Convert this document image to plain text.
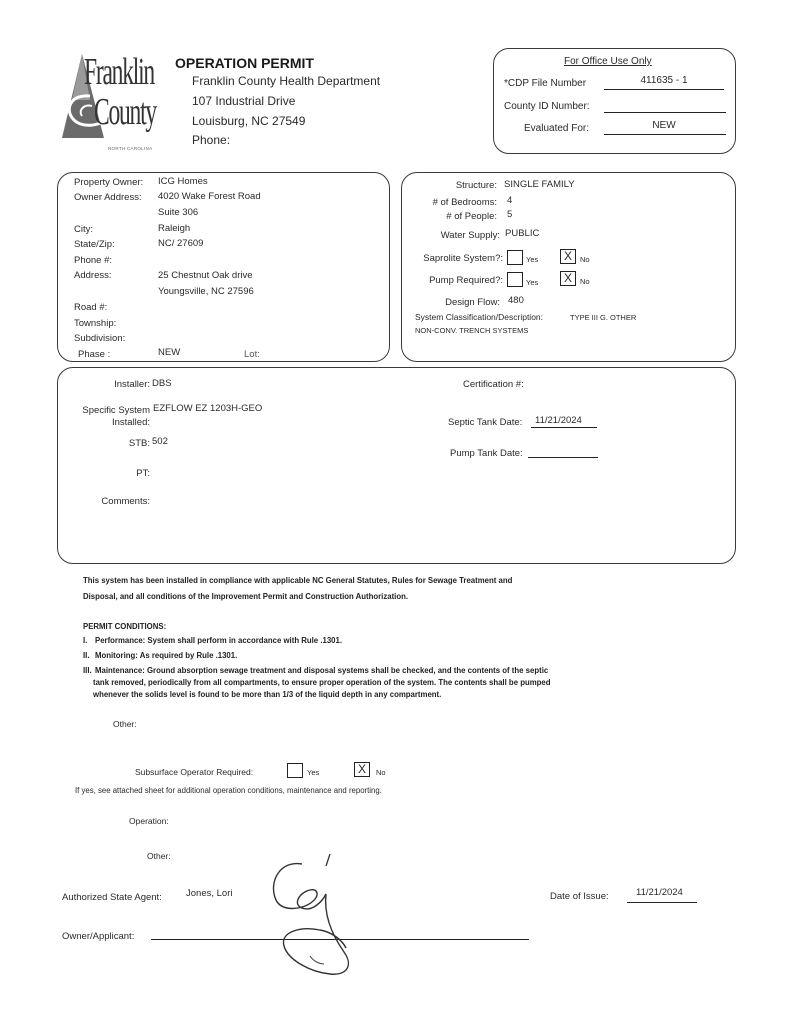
Franklin
County
NORTH CAROLINA
OPERATION PERMIT
Franklin County Health Department
107 Industrial Drive
Louisburg, NC 27549
Phone:
For Office Use Only
*CDP File Number	411635 - 1
County ID Number:
Evaluated For:	NEW
Property Owner: ICG Homes
Owner Address: 4020 Wake Forest Road
Suite 306
City:	Raleigh
State/Zip:	NC/ 27609
Phone #:
Address:	25 Chestnut Oak drive
Youngsville, NC 27596
Road #:
Township:
Subdivision:
Phase :	NEW	Lot:
Structure: SINGLE FAMILY
# of Bedrooms: 4
# of People: 5
Water Supply: PUBLIC
Saprolite System?:	Yes	X	No
Pump Required?:	Yes	X	No
Design Flow: 480
System Classification/Description:	TYPE III G. OTHER
NON-CONV. TRENCH SYSTEMS
Installer: DBS	Certification #:
Specific System
Installed:
EZFLOW EZ 1203H-GEO
Septic Tank Date: 11/21/2024
STB: 502
Pump Tank Date:
PT:
Comments:
This system has been installed in compliance with applicable NC General Statutes, Rules for Sewage Treatment and
Disposal, and all conditions of the Improvement Permit and Construction Authorization.
PERMIT CONDITIONS:
I. Performance: System shall perform in accordance with Rule .1301.
II. Monitoring: As required by Rule .1301.
III. Maintenance: Ground absorption sewage treatment and disposal systems shall be checked, and the contents of the septic
tank removed, periodically from all compartments, to ensure proper operation of the system. The contents shall be pumped
whenever the solids level is found to be more than 1/3 of the liquid depth in any compartment.
Other:
Subsurface Operator Required:	Yes	X	No
If yes, see attached sheet for additional operation conditions, maintenance and reporting.
Operation:
Other:
Authorized State Agent:	Jones, Lori	Date of Issue:	11/21/2024
Owner/Applicant:
